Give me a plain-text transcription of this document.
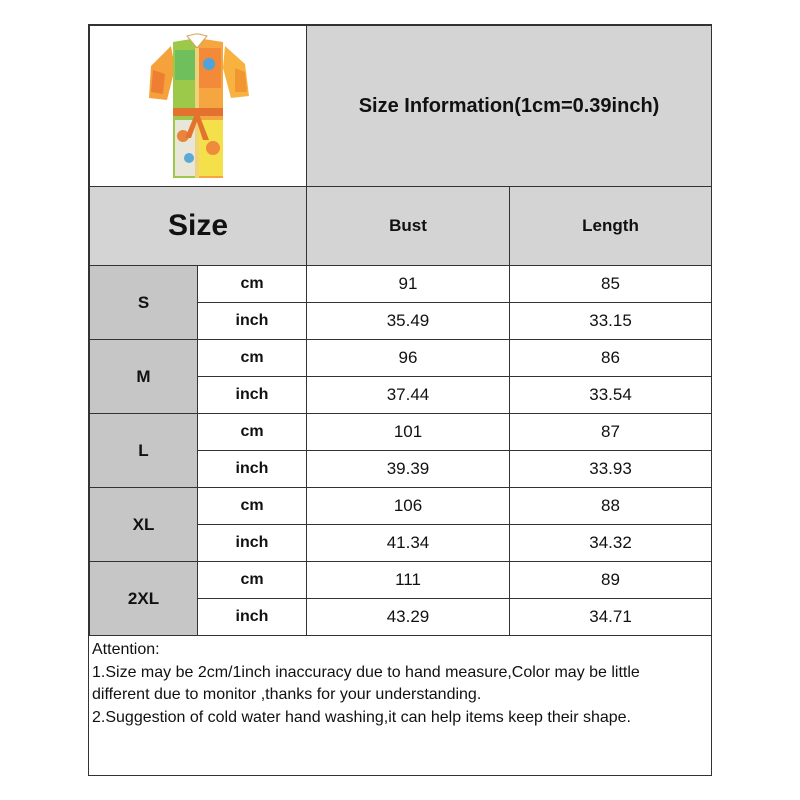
	Size Information(1cm=0.39inch)	
Size		Bust	Length
S	cm	91	85
	inch	35.49	33.15
M	cm	96	86
	inch	37.44	33.54
L	cm	101	87
	inch	39.39	33.93
XL	cm	106	88
	inch	41.34	34.32
2XL	cm	111	89
	inch	43.29	34.71
Attention:
1.Size may be 2cm/1inch inaccuracy due to hand measure,Color may be little
different due to monitor ,thanks for your understanding.
2.Suggestion of cold water hand washing,it can help items keep their shape.
